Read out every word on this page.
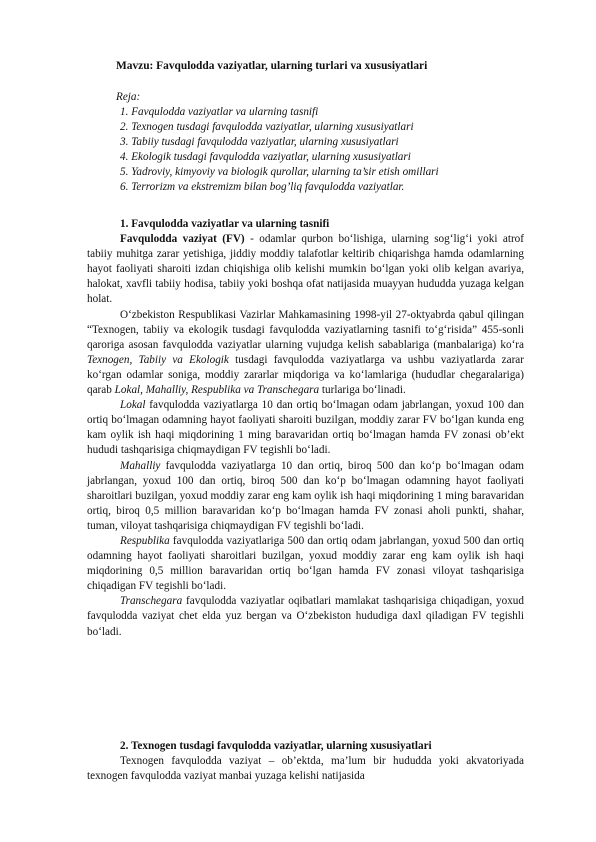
Mavzu: Favqulodda vaziyatlar, ularning turlari va xususiyatlari
Reja:
1. Favqulodda vaziyatlar va ularning tasnifi
2. Texnogen tusdagi favqulodda vaziyatlar, ularning xususiyatlari
3. Tabiiy tusdagi favqulodda vaziyatlar, ularning xususiyatlari
4. Ekologik tusdagi favqulodda vaziyatlar, ularning xususiyatlari
5. Yadroviy, kimyoviy va biologik qurollar, ularning ta’sir etish omillari
6. Terrorizm va ekstremizm bilan bog’liq favqulodda vaziyatlar.
1. Favqulodda vaziyatlar va ularning tasnifi

Favqulodda vaziyat (FV) - odamlar qurbon bo‘lishiga, ularning sog‘lig‘i yoki atrof tabiiy muhitga zarar yetishiga, jiddiy moddiy talafotlar keltirib chiqarishga hamda odamlarning hayot faoliyati sharoiti izdan chiqishiga olib kelishi mumkin bo‘lgan yoki olib kelgan avariya, halokat, xavfli tabiiy hodisa, tabiiy yoki boshqa ofat natijasida muayyan hududda yuzaga kelgan holat.

O‘zbekiston Respublikasi Vazirlar Mahkamasining 1998-yil 27-oktyabrda qabul qilingan “Texnogen, tabiiy va ekologik tusdagi favqulodda vaziyatlarning tasnifi to‘g‘risida” 455-sonli qaroriga asosan favqulodda vaziyatlar ularning vujudga kelish sabablariga (manbalariga) ko‘ra Texnogen, Tabiiy va Ekologik tusdagi favqulodda vaziyatlarga va ushbu vaziyatlarda zarar ko‘rgan odamlar soniga, moddiy zararlar miqdoriga va ko‘lamlariga (hududlar chegaralariga) qarab Lokal, Mahalliy, Respublika va Transchegara turlariga bo‘linadi.

Lokal favqulodda vaziyatlarga 10 dan ortiq bo‘lmagan odam jabrlangan, yoxud 100 dan ortiq bo‘lmagan odamning hayot faoliyati sharoiti buzilgan, moddiy zarar FV bo‘lgan kunda eng kam oylik ish haqi miqdorining 1 ming baravaridan ortiq bo‘lmagan hamda FV zonasi ob’ekt hududi tashqarisiga chiqmaydigan FV tegishli bo‘ladi.

Mahalliy favqulodda vaziyatlarga 10 dan ortiq, biroq 500 dan ko‘p bo‘lmagan odam jabrlangan, yoxud 100 dan ortiq, biroq 500 dan ko‘p bo‘lmagan odamning hayot faoliyati sharoitlari buzilgan, yoxud moddiy zarar eng kam oylik ish haqi miqdorining 1 ming baravaridan ortiq, biroq 0,5 million baravaridan ko‘p bo‘lmagan hamda FV zonasi aholi punkti, shahar, tuman, viloyat tashqarisiga chiqmaydigan FV tegishli bo‘ladi.

Respublika favqulodda vaziyatlariga 500 dan ortiq odam jabrlangan, yoxud 500 dan ortiq odamning hayot faoliyati sharoitlari buzilgan, yoxud moddiy zarar eng kam oylik ish haqi miqdorining 0,5 million baravaridan ortiq bo‘lgan hamda FV zonasi viloyat tashqarisiga chiqadigan FV tegishli bo‘ladi.

Transchegara favqulodda vaziyatlar oqibatlari mamlakat tashqarisiga chiqadigan, yoxud favqulodda vaziyat chet elda yuz bergan va O‘zbekiston hududiga daxl qiladigan FV tegishli bo‘ladi.

2. Texnogen tusdagi favqulodda vaziyatlar, ularning xususiyatlari

Texnogen favqulodda vaziyat – ob’ektda, ma’lum bir hududda yoki akvatoriyada texnogen favqulodda vaziyat manbai yuzaga kelishi natijasida
